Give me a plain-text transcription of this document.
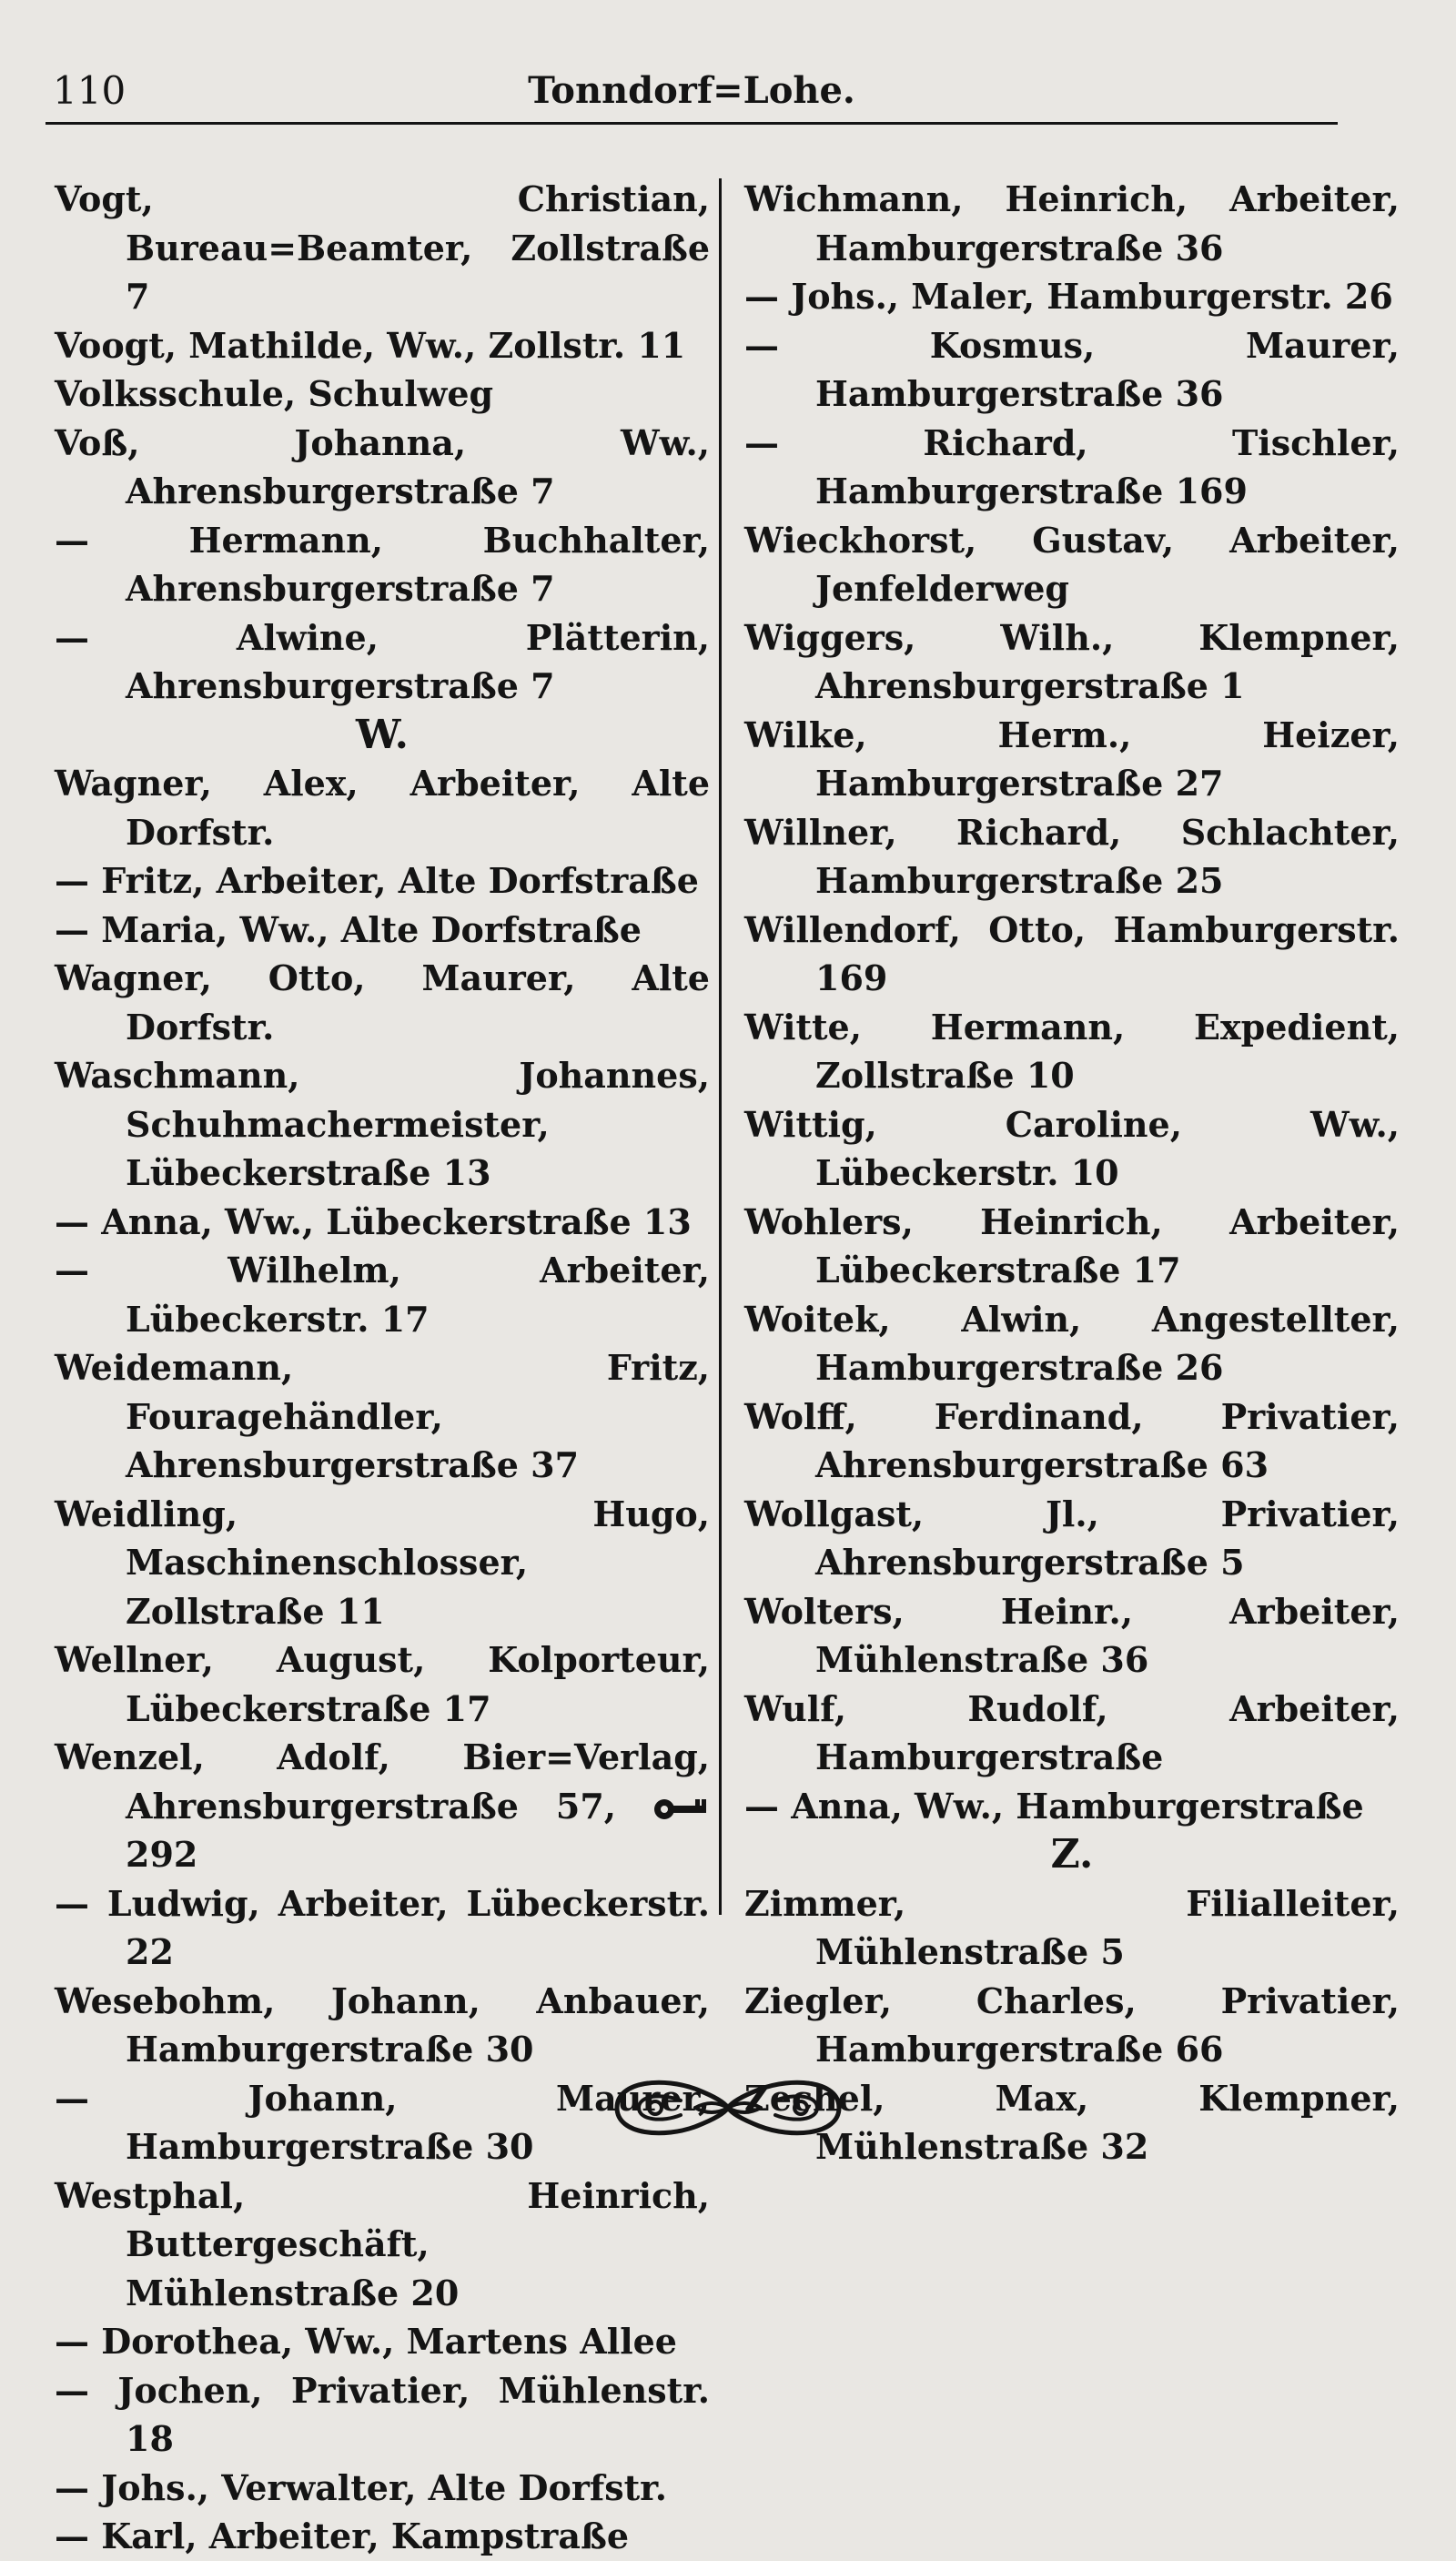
110	Tonndorf=Lohe.
Vogt, Christian, Bureau=Beamter, Zollstraße 7
Voogt, Mathilde, Ww., Zollstr. 11
Volksschule, Schulweg
Voß, Johanna, Ww., Ahrensburgerstraße 7
— Hermann, Buchhalter, Ahrensburgerstraße 7
— Alwine, Plätterin, Ahrensburgerstraße 7
W.
Wagner, Alex, Arbeiter, Alte Dorfstr.
— Fritz, Arbeiter, Alte Dorfstraße
— Maria, Ww., Alte Dorfstraße
Wagner, Otto, Maurer, Alte Dorfstr.
Waschmann, Johannes, Schuhmachermeister, Lübeckerstraße 13
— Anna, Ww., Lübeckerstraße 13
— Wilhelm, Arbeiter, Lübeckerstr. 17
Weidemann, Fritz, Fouragehändler, Ahrensburgerstraße 37
Weidling, Hugo, Maschinenschlosser, Zollstraße 11
Wellner, August, Kolporteur, Lübeckerstraße 17
Wenzel, Adolf, Bier=Verlag, Ahrensburgerstraße 57,  292
— Ludwig, Arbeiter, Lübeckerstr. 22
Wesebohm, Johann, Anbauer, Hamburgerstraße 30
— Johann, Maurer, Hamburgerstraße 30
Westphal, Heinrich, Buttergeschäft, Mühlenstraße 20
— Dorothea, Ww., Martens Allee
— Jochen, Privatier, Mühlenstr. 18
— Johs., Verwalter, Alte Dorfstr.
— Karl, Arbeiter, Kampstraße
Wichmann, Heinrich, Arbeiter, Hamburgerstraße 36
— Johs., Maler, Hamburgerstr. 26
— Kosmus, Maurer, Hamburgerstraße 36
— Richard, Tischler, Hamburgerstraße 169
Wieckhorst, Gustav, Arbeiter, Jenfelderweg
Wiggers, Wilh., Klempner, Ahrensburgerstraße 1
Wilke, Herm., Heizer, Hamburgerstraße 27
Willner, Richard, Schlachter, Hamburgerstraße 25
Willendorf, Otto, Hamburgerstr. 169
Witte, Hermann, Expedient, Zollstraße 10
Wittig, Caroline, Ww., Lübeckerstr. 10
Wohlers, Heinrich, Arbeiter, Lübeckerstraße 17
Woitek, Alwin, Angestellter, Hamburgerstraße 26
Wolff, Ferdinand, Privatier, Ahrensburgerstraße 63
Wollgast, Jl., Privatier, Ahrensburgerstraße 5
Wolters, Heinr., Arbeiter, Mühlenstraße 36
Wulf, Rudolf, Arbeiter, Hamburgerstraße
— Anna, Ww., Hamburgerstraße
Z.
Zimmer, Filialleiter, Mühlenstraße 5
Ziegler, Charles, Privatier, Hamburgerstraße 66
Zechel, Max, Klempner, Mühlenstraße 32
